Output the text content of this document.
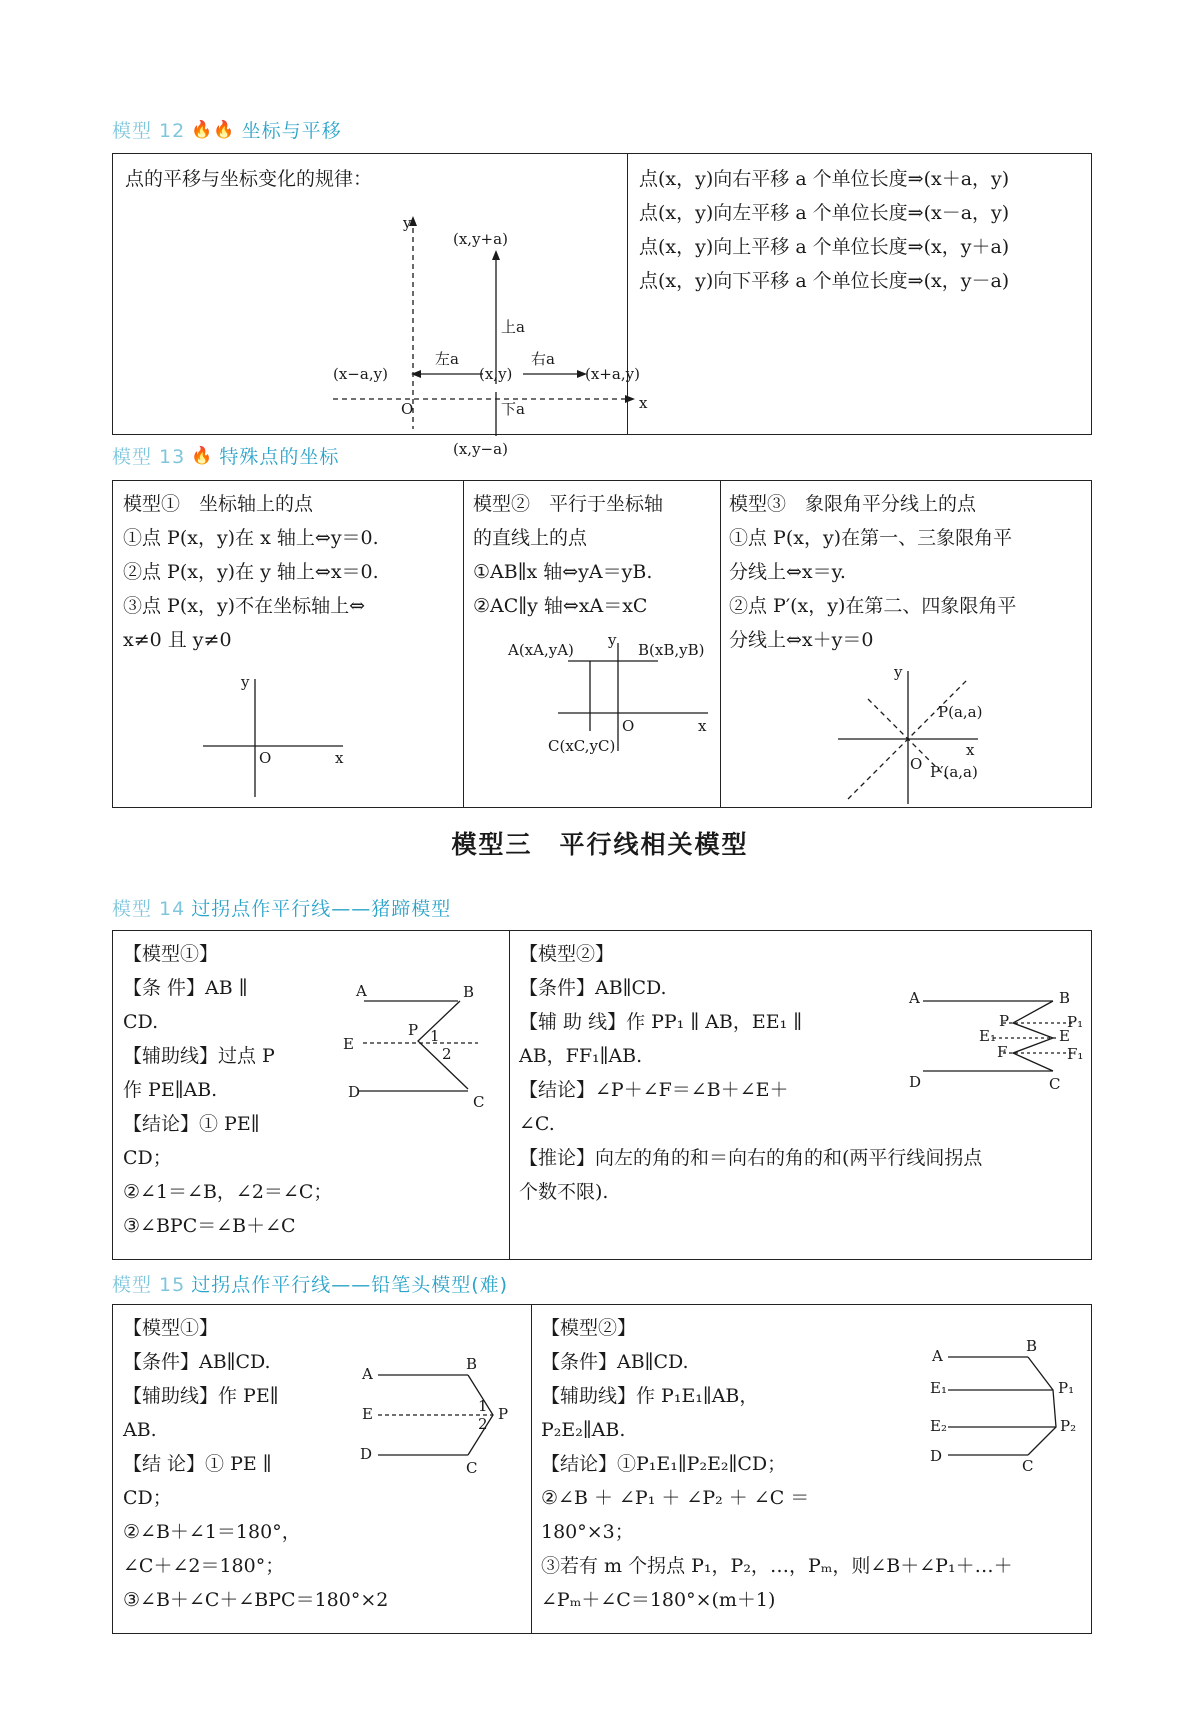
模型 12 🔥🔥 坐标与平移
点的平移与坐标变化的规律：
y
x
O
(x,y+a)
上a
(x−a,y)
左a
(x,y)
右a
(x+a,y)
下a
(x,y−a)
点(x，y)向右平移 a 个单位长度⇒(x＋a，y)
点(x，y)向左平移 a 个单位长度⇒(x－a，y)
点(x，y)向上平移 a 个单位长度⇒(x，y＋a)
点(x，y)向下平移 a 个单位长度⇒(x，y－a)
模型 13 🔥 特殊点的坐标
模型①　坐标轴上的点
①点 P(x，y)在 x 轴上⇔y＝0.
②点 P(x，y)在 y 轴上⇔x＝0.
③点 P(x，y)不在坐标轴上⇔
x≠0 且 y≠0
y
x
O
模型②　平行于坐标轴
的直线上的点
①AB∥x 轴⇔yA＝yB.
②AC∥y 轴⇔xA＝xC
y
x
O
A(xA,yA)	B(xB,yB)
C(xC,yC)
模型③　象限角平分线上的点
①点 P(x，y)在第一、三象限角平
分线上⇔x＝y.
②点 P′(x，y)在第二、四象限角平
分线上⇔x＋y＝0
y
x
O
P(a,a)
P′(a,a)
模型三　平行线相关模型
模型 14 过拐点作平行线——猪蹄模型
【模型①】
【条 件】AB ∥
CD.
【辅助线】过点 P
作 PE∥AB.
【结论】① PE∥
CD；
②∠1＝∠B，∠2＝∠C；
③∠BPC＝∠B＋∠C
A	B
E
P 1
2
D
C
【模型②】
【条件】AB∥CD.
【辅 助 线】作 PP₁ ∥ AB，EE₁ ∥
AB，FF₁∥AB.
【结论】∠P＋∠F＝∠B＋∠E＋
∠C.
【推论】向左的角的和＝向右的角的和(两平行线间拐点
个数不限).
A	B
P	P₁
E₁	E
F	F₁
D	C
模型 15 过拐点作平行线——铅笔头模型(难)
【模型①】
【条件】AB∥CD.
【辅助线】作 PE∥
AB.
【结 论】① PE ∥
CD；
②∠B＋∠1＝180°，
∠C＋∠2＝180°；
③∠B＋∠C＋∠BPC＝180°×2
A
B
E	1
2
P
D
C
【模型②】
【条件】AB∥CD.
【辅助线】作 P₁E₁∥AB，
P₂E₂∥AB.
【结论】①P₁E₁∥P₂E₂∥CD；
②∠B ＋ ∠P₁ ＋ ∠P₂ ＋ ∠C ＝
180°×3；
③若有 m 个拐点 P₁，P₂，…，Pₘ，则∠B＋∠P₁＋…＋
∠Pₘ＋∠C＝180°×(m＋1)
A
B
E₁	P₁
E₂	P₂
D
C
